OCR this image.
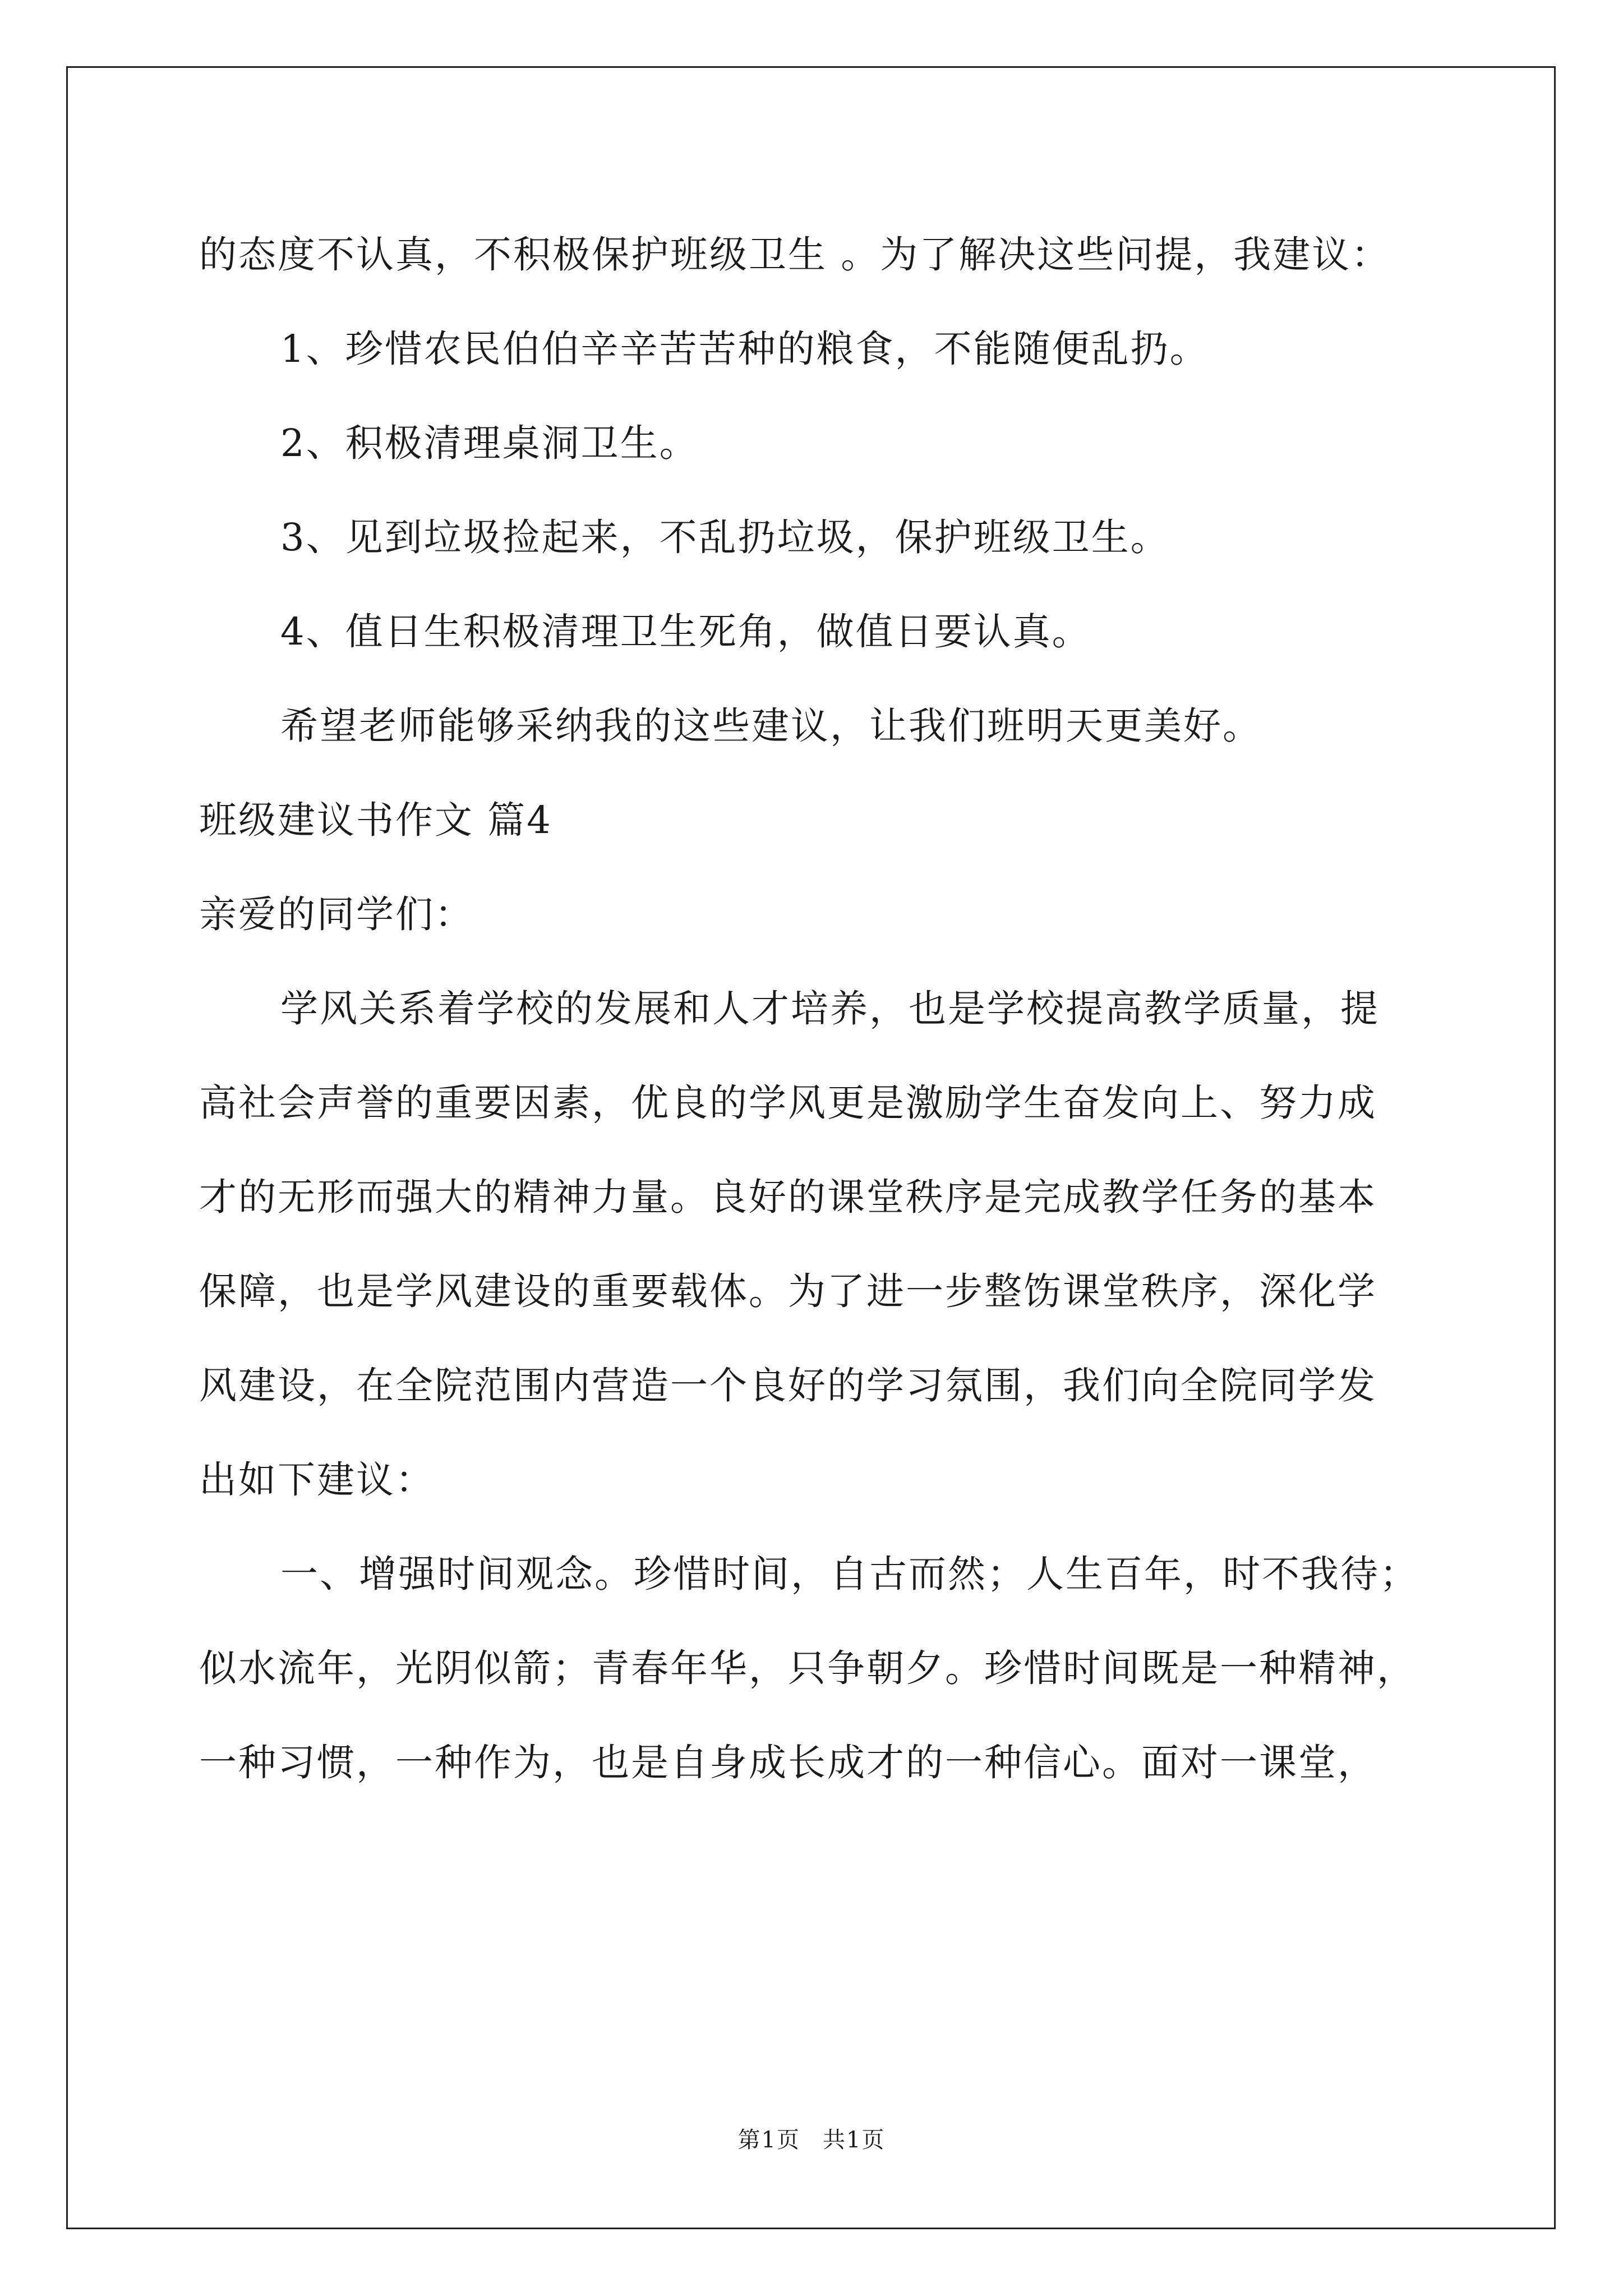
的态度不认真，不积极保护班级卫生 。为了解决这些问提，我建议：
1、珍惜农民伯伯辛辛苦苦种的粮食，不能随便乱扔。
2、积极清理桌洞卫生。
3、见到垃圾捡起来，不乱扔垃圾，保护班级卫生。
4、值日生积极清理卫生死角，做值日要认真。
希望老师能够采纳我的这些建议，让我们班明天更美好。
班级建议书作文 篇4
亲爱的同学们：
学风关系着学校的发展和人才培养，也是学校提高教学质量，提
高社会声誉的重要因素，优良的学风更是激励学生奋发向上、努力成
才的无形而强大的精神力量。良好的课堂秩序是完成教学任务的基本
保障，也是学风建设的重要载体。为了进一步整饬课堂秩序，深化学
风建设，在全院范围内营造一个良好的学习氛围，我们向全院同学发
出如下建议：
一、增强时间观念。珍惜时间，自古而然；人生百年，时不我待；
似水流年，光阴似箭；青春年华，只争朝夕。珍惜时间既是一种精神，
一种习惯，一种作为，也是自身成长成才的一种信心。面对一课堂，
第1页 共1页
